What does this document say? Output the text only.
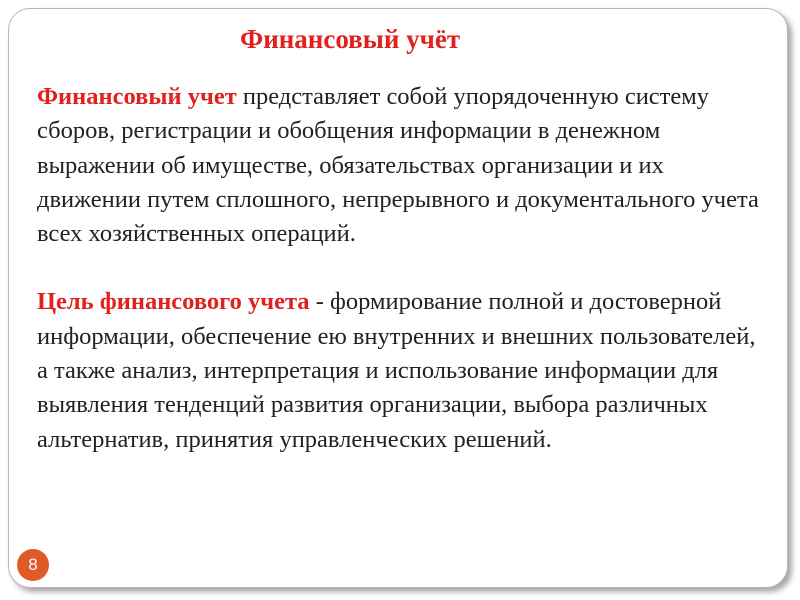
Финансовый учёт

Финансовый учет представляет собой упорядоченную систему сборов, регистрации и обобщения информации в денежном выражении об имуществе, обязательствах организации и их движении путем сплошного, непрерывного и документального учета всех хозяйственных операций.

Цель финансового учета - формирование полной и достоверной информации, обеспечение ею внутренних и внешних пользователей, а также анализ, интерпретация и использование информации для выявления тенденций развития организации, выбора различных альтернатив, принятия управленческих решений.

8
